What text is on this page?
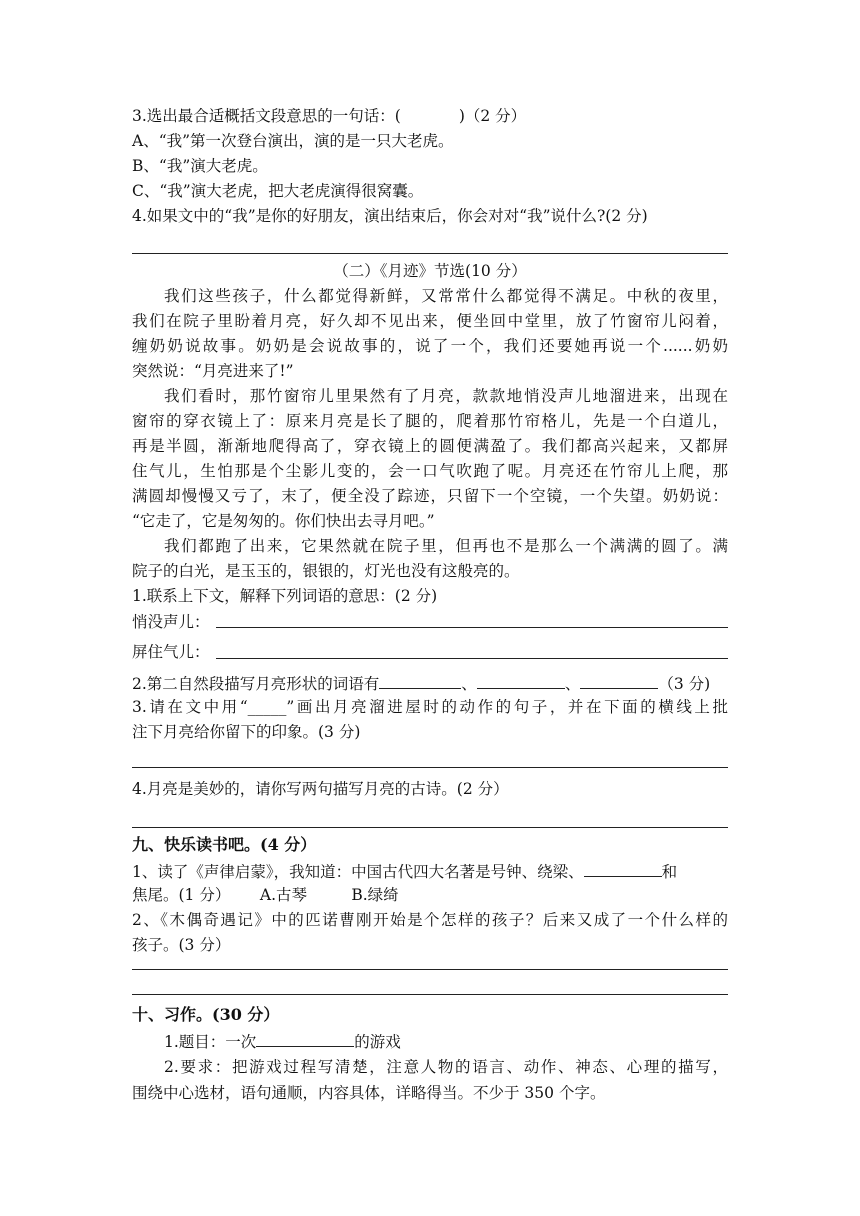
3.选出最合适概括文段意思的一句话：(	)（2 分）
A、“我”第一次登台演出，演的是一只大老虎。
B、“我”演大老虎。
C、“我”演大老虎，把大老虎演得很窝囊。
4.如果文中的“我”是你的好朋友，演出结束后，你会对对“我”说什么?(2 分)
（二）《月迹》节选(10 分）
我们这些孩子，什么都觉得新鲜，又常常什么都觉得不满足。中秋的夜里，
我们在院子里盼着月亮，好久却不见出来，便坐回中堂里，放了竹窗帘儿闷着，
缠奶奶说故事。奶奶是会说故事的，说了一个，我们还要她再说一个......奶奶
突然说：“月亮进来了!”
我们看时，那竹窗帘儿里果然有了月亮，款款地悄没声儿地溜进来，出现在
窗帘的穿衣镜上了：原来月亮是长了腿的，爬着那竹帘格儿，先是一个白道儿，
再是半圆，渐渐地爬得高了，穿衣镜上的圆便满盈了。我们都高兴起来，又都屏
住气儿，生怕那是个尘影儿变的，会一口气吹跑了呢。月亮还在竹帘儿上爬，那
满圆却慢慢又亏了，末了，便全没了踪迹，只留下一个空镜，一个失望。奶奶说：
“它走了，它是匆匆的。你们快出去寻月吧。”
我们都跑了出来，它果然就在院子里，但再也不是那么一个满满的圆了。满
院子的白光，是玉玉的，银银的，灯光也没有这般亮的。
1.联系上下文，解释下列词语的意思：(2 分)
悄没声儿：
屏住气儿：
2.第二自然段描写月亮形状的词语有	、	、	（3 分)
3.请在文中用“_____”画出月亮溜进屋时的动作的句子，并在下面的横线上批
注下月亮给你留下的印象。(3 分)
4.月亮是美妙的，请你写两句描写月亮的古诗。(2 分）
九、快乐读书吧。(4 分）
1、读了《声律启蒙》，我知道：中国古代四大名著是号钟、绕梁、	和
焦尾。(1 分）      A.古琴         B.绿绮
2、《木偶奇遇记》中的匹诺曹刚开始是个怎样的孩子？后来又成了一个什么样的
孩子。(3 分）
十、习作。(30 分）
1.题目：一次	的游戏
2.要求：把游戏过程写清楚，注意人物的语言、动作、神态、心理的描写，
围绕中心选材，语句通顺，内容具体，详略得当。不少于 350 个字。
